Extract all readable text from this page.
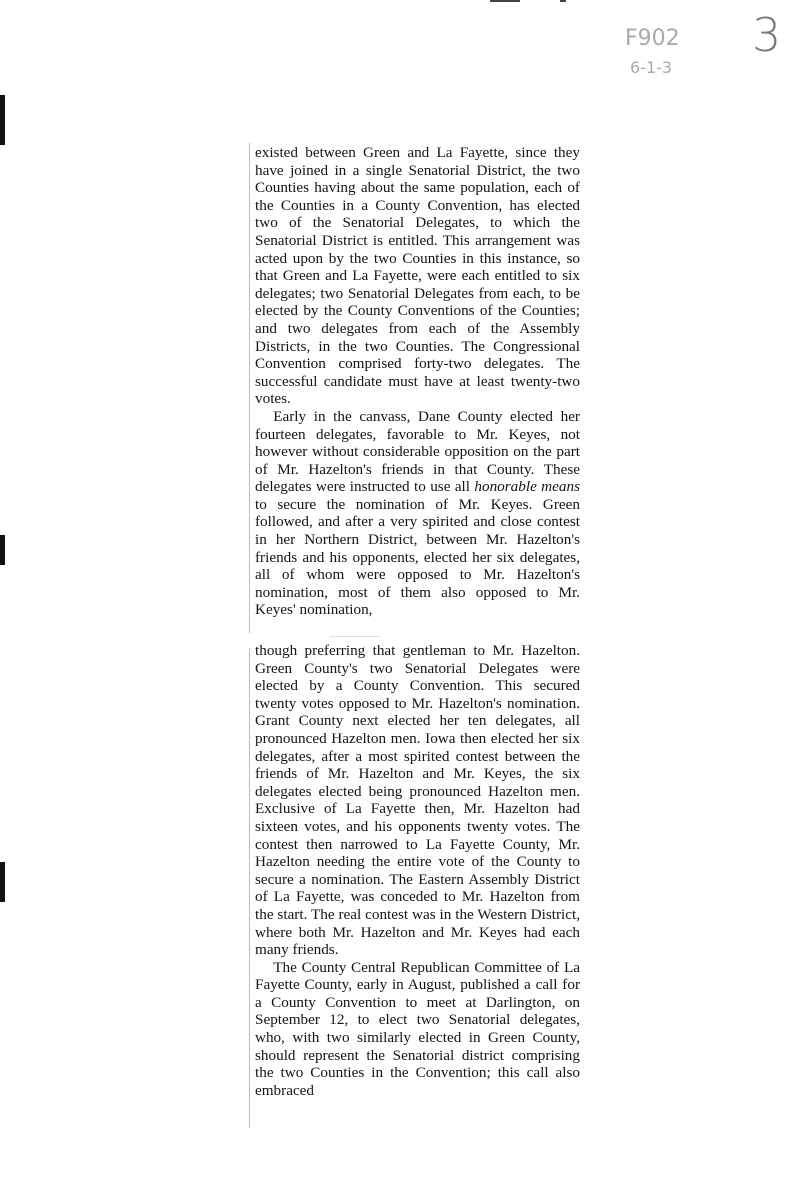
F902
6-1-3
3

existed between Green and La Fayette, since they have joined in a single Senatorial District, the two Counties having about the same population, each of the Counties in a County Convention, has elected two of the Senatorial Delegates, to which the Senatorial District is entitled. This arrangement was acted upon by the two Counties in this instance, so that Green and La Fayette, were each entitled to six delegates; two Senatorial Delegates from each, to be elected by the County Conventions of the Counties; and two delegates from each of the Assembly Districts, in the two Counties. The Congressional Convention comprised forty-two delegates. The successful candidate must have at least twenty-two votes.

Early in the canvass, Dane County elected her fourteen delegates, favorable to Mr. Keyes, not however without considerable opposition on the part of Mr. Hazelton's friends in that County. These delegates were instructed to use all honorable means to secure the nomination of Mr. Keyes. Green followed, and after a very spirited and close contest in her Northern District, between Mr. Hazelton's friends and his opponents, elected her six delegates, all of whom were opposed to Mr. Hazelton's nomination, most of them also opposed to Mr. Keyes' nomination,

though preferring that gentleman to Mr. Hazelton. Green County's two Senatorial Delegates were elected by a County Convention. This secured twenty votes opposed to Mr. Hazelton's nomination. Grant County next elected her ten delegates, all pronounced Hazelton men. Iowa then elected her six delegates, after a most spirited contest between the friends of Mr. Hazelton and Mr. Keyes, the six delegates elected being pronounced Hazelton men. Exclusive of La Fayette then, Mr. Hazelton had sixteen votes, and his opponents twenty votes. The contest then narrowed to La Fayette County, Mr. Hazelton needing the entire vote of the County to secure a nomination. The Eastern Assembly District of La Fayette, was conceded to Mr. Hazelton from the start. The real contest was in the Western District, where both Mr. Hazelton and Mr. Keyes had each many friends.

The County Central Republican Committee of La Fayette County, early in August, published a call for a County Convention to meet at Darlington, on September 12, to elect two Senatorial delegates, who, with two similarly elected in Green County, should represent the Senatorial district comprising the two Counties in the Convention; this call also embraced
